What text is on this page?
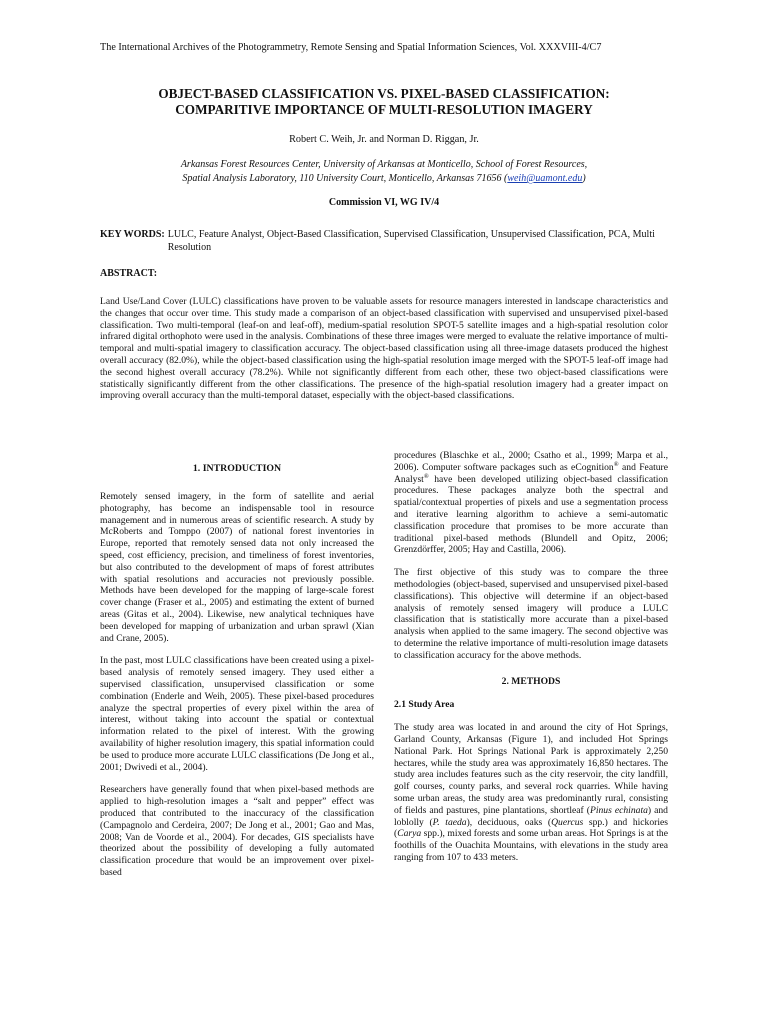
The International Archives of the Photogrammetry, Remote Sensing and Spatial Information Sciences, Vol. XXXVIII-4/C7
OBJECT-BASED CLASSIFICATION VS. PIXEL-BASED CLASSIFICATION:
COMPARITIVE IMPORTANCE OF MULTI-RESOLUTION IMAGERY
Robert C. Weih, Jr. and Norman D. Riggan, Jr.
Arkansas Forest Resources Center, University of Arkansas at Monticello, School of Forest Resources,
Spatial Analysis Laboratory, 110 University Court, Monticello, Arkansas 71656 (weih@uamont.edu)
Commission VI, WG IV/4
KEY WORDS: LULC, Feature Analyst, Object-Based Classification, Supervised Classification, Unsupervised Classification, PCA, Multi Resolution
ABSTRACT:
Land Use/Land Cover (LULC) classifications have proven to be valuable assets for resource managers interested in landscape characteristics and the changes that occur over time. This study made a comparison of an object-based classification with supervised and unsupervised pixel-based classification. Two multi-temporal (leaf-on and leaf-off), medium-spatial resolution SPOT-5 satellite images and a high-spatial resolution color infrared digital orthophoto were used in the analysis. Combinations of these three images were merged to evaluate the relative importance of multi-temporal and multi-spatial imagery to classification accuracy. The object-based classification using all three-image datasets produced the highest overall accuracy (82.0%), while the object-based classification using the high-spatial resolution image merged with the SPOT-5 leaf-off image had the second highest overall accuracy (78.2%). While not significantly different from each other, these two object-based classifications were statistically significantly different from the other classifications. The presence of the high-spatial resolution imagery had a greater impact on improving overall accuracy than the multi-temporal dataset, especially with the object-based classifications.
1. INTRODUCTION

Remotely sensed imagery, in the form of satellite and aerial photography, has become an indispensable tool in resource management and in numerous areas of scientific research. A study by McRoberts and Tomppo (2007) of national forest inventories in Europe, reported that remotely sensed data not only increased the speed, cost efficiency, precision, and timeliness of forest inventories, but also contributed to the development of maps of forest attributes with spatial resolutions and accuracies not previously possible. Methods have been developed for the mapping of large-scale forest cover change (Fraser et al., 2005) and estimating the extent of burned areas (Gitas et al., 2004). Likewise, new analytical techniques have been developed for mapping of urbanization and urban sprawl (Xian and Crane, 2005).

In the past, most LULC classifications have been created using a pixel-based analysis of remotely sensed imagery. They used either a supervised classification, unsupervised classification or some combination (Enderle and Weih, 2005). These pixel-based procedures analyze the spectral properties of every pixel within the area of interest, without taking into account the spatial or contextual information related to the pixel of interest. With the growing availability of higher resolution imagery, this spatial information could be used to produce more accurate LULC classifications (De Jong et al., 2001; Dwivedi et al., 2004).

Researchers have generally found that when pixel-based methods are applied to high-resolution images a “salt and pepper” effect was produced that contributed to the inaccuracy of the classification (Campagnolo and Cerdeira, 2007; De Jong et al., 2001; Gao and Mas, 2008; Van de Voorde et al., 2004). For decades, GIS specialists have theorized about the possibility of developing a fully automated classification procedure that would be an improvement over pixel-based

procedures (Blaschke et al., 2000; Csatho et al., 1999; Marpa et al., 2006). Computer software packages such as eCognition® and Feature Analyst® have been developed utilizing object-based classification procedures. These packages analyze both the spectral and spatial/contextual properties of pixels and use a segmentation process and iterative learning algorithm to achieve a semi-automatic classification procedure that promises to be more accurate than traditional pixel-based methods (Blundell and Opitz, 2006; Grenzdörffer, 2005; Hay and Castilla, 2006).

The first objective of this study was to compare the three methodologies (object-based, supervised and unsupervised pixel-based classifications). This objective will determine if an object-based analysis of remotely sensed imagery will produce a LULC classification that is statistically more accurate than a pixel-based analysis when applied to the same imagery. The second objective was to determine the relative importance of multi-resolution image datasets to classification accuracy for the above methods.

2. METHODS
2.1 Study Area

The study area was located in and around the city of Hot Springs, Garland County, Arkansas (Figure 1), and included Hot Springs National Park. Hot Springs National Park is approximately 2,250 hectares, while the study area was approximately 16,850 hectares. The study area includes features such as the city reservoir, the city landfill, golf courses, county parks, and several rock quarries. While having some urban areas, the study area was predominantly rural, consisting of fields and pastures, pine plantations, shortleaf (Pinus echinata) and loblolly (P. taeda), deciduous, oaks (Quercus spp.) and hickories (Carya spp.), mixed forests and some urban areas. Hot Springs is at the foothills of the Ouachita Mountains, with elevations in the study area ranging from 107 to 433 meters.
